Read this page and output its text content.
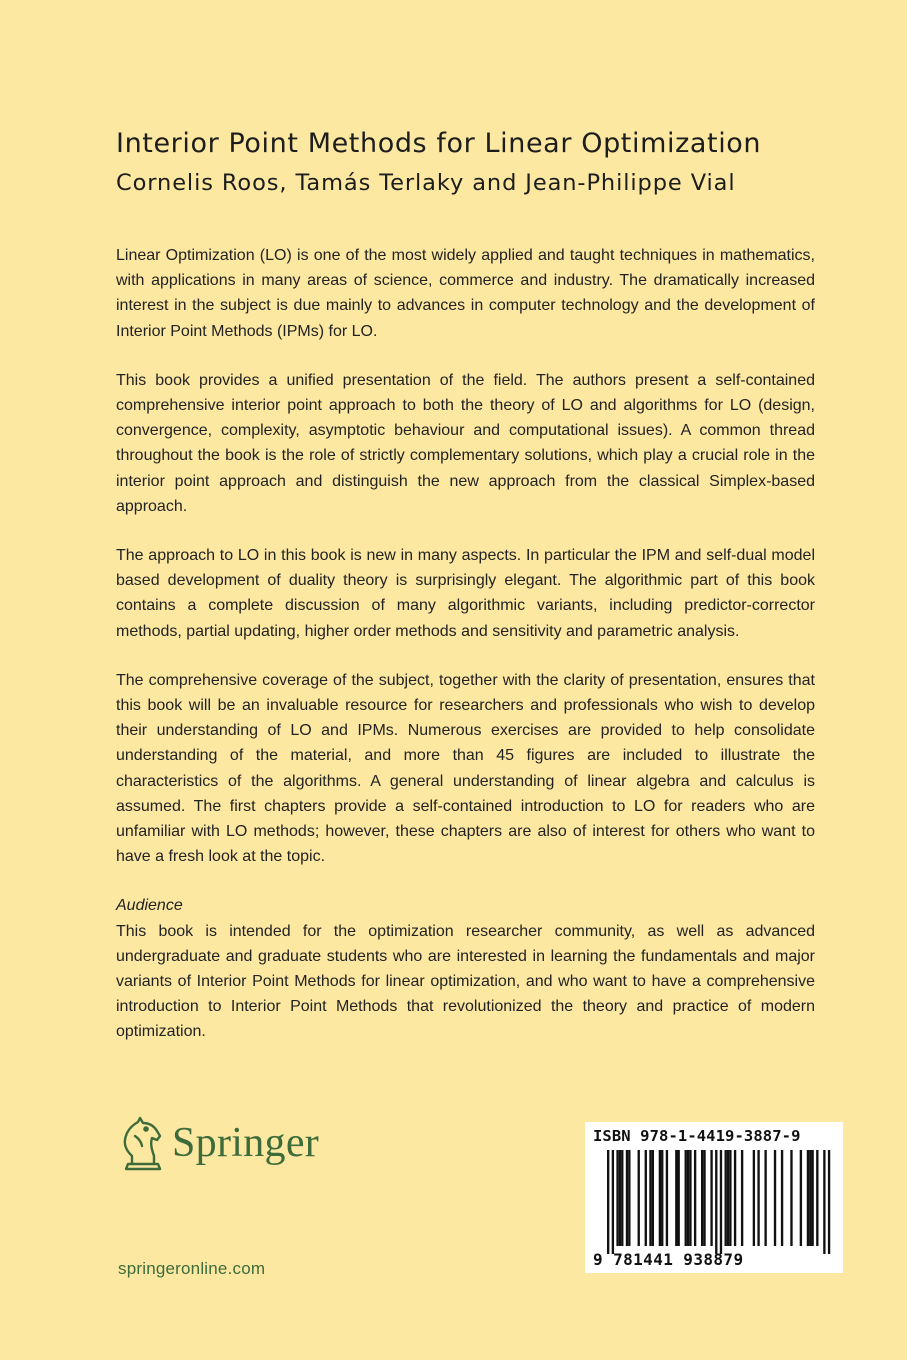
Interior Point Methods for Linear Optimization
Cornelis Roos, Tamás Terlaky and Jean-Philippe Vial

Linear Optimization (LO) is one of the most widely applied and taught techniques in mathematics, with applications in many areas of science, commerce and industry. The dramatically increased interest in the subject is due mainly to advances in computer technology and the development of Interior Point Methods (IPMs) for LO.

This book provides a unified presentation of the field. The authors present a self-contained comprehensive interior point approach to both the theory of LO and algorithms for LO (design, convergence, complexity, asymptotic behaviour and computational issues). A common thread throughout the book is the role of strictly complementary solutions, which play a crucial role in the interior point approach and distinguish the new approach from the classical Simplex-based approach.

The approach to LO in this book is new in many aspects. In particular the IPM and self-dual model based development of duality theory is surprisingly elegant. The algorithmic part of this book contains a complete discussion of many algorithmic variants, including predictor-corrector methods, partial updating, higher order methods and sensitivity and parametric analysis.

The comprehensive coverage of the subject, together with the clarity of presentation, ensures that this book will be an invaluable resource for researchers and professionals who wish to develop their understanding of LO and IPMs. Numerous exercises are provided to help consolidate understanding of the material, and more than 45 figures are included to illustrate the characteristics of the algorithms. A general understanding of linear algebra and calculus is assumed. The first chapters provide a self-contained introduction to LO for readers who are unfamiliar with LO methods; however, these chapters are also of interest for others who want to have a fresh look at the topic.

Audience

This book is intended for the optimization researcher community, as well as advanced undergraduate and graduate students who are interested in learning the fundamentals and major variants of Interior Point Methods for linear optimization, and who want to have a comprehensive introduction to Interior Point Methods that revolutionized the theory and practice of modern optimization.

Springer
springeronline.com
ISBN 978-1-4419-3887-9
9 781441 938879
